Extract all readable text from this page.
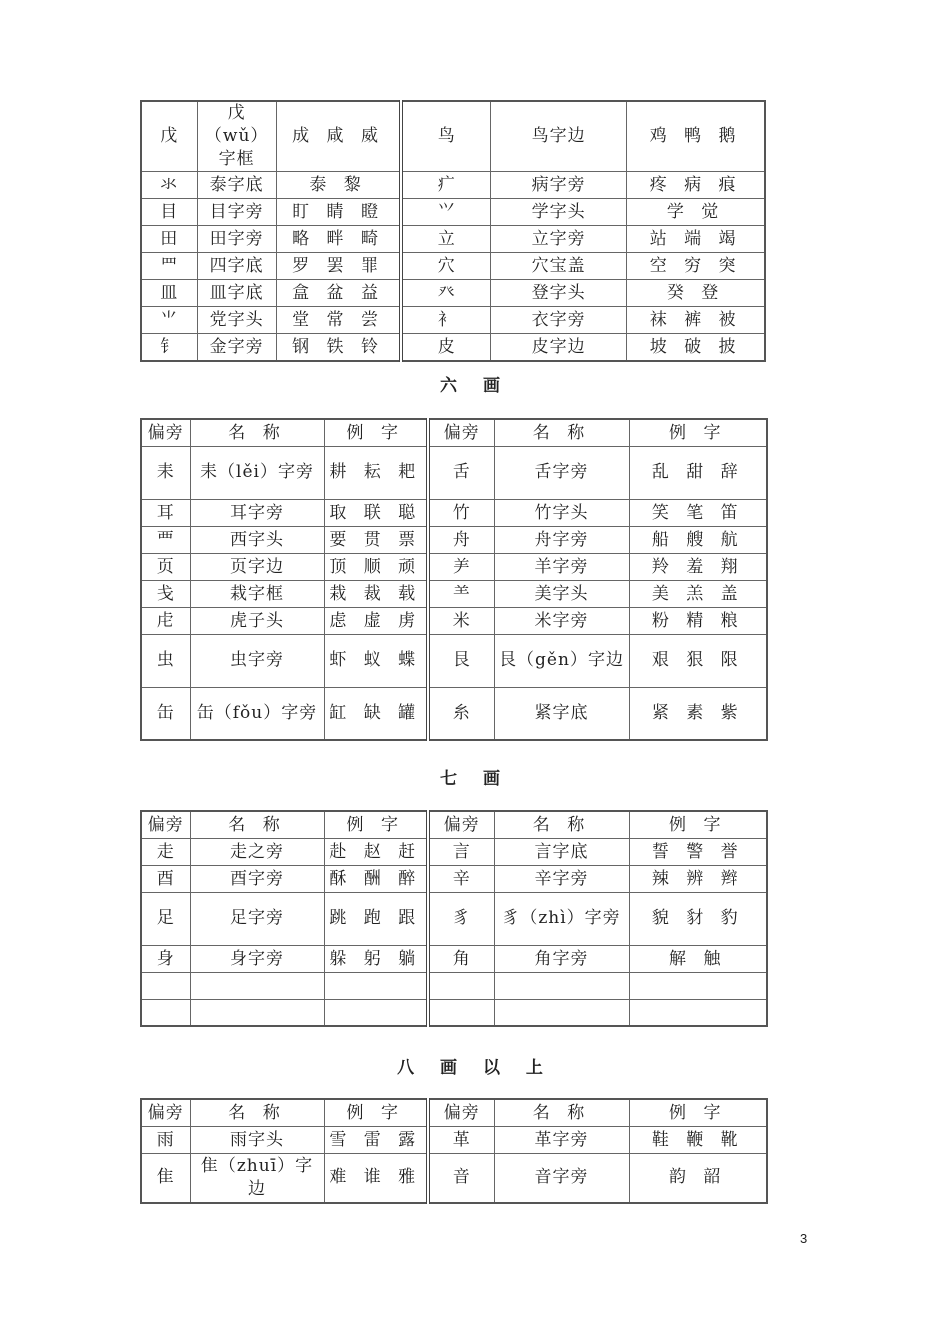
戊	戊（wǔ）字框	成 咸 威	鸟	鸟字边	鸡 鸭 鹅
氺	泰字底	泰 黎	疒	病字旁	疼 病 痕
目	目字旁	盯 睛 瞪	⺍	学字头	学 觉
田	田字旁	略 畔 畸	立	立字旁	站 端 竭
罒	四字底	罗 罢 罪	穴	穴宝盖	空 穷 突
皿	皿字底	盒 盆 益	癶	登字头	癸 登
⺌	党字头	堂 常 尝	衤	衣字旁	袜 裤 被
钅	金字旁	钢 铁 铃	皮	皮字边	坡 破 披
六 画
偏旁	名 称	例 字	偏旁	名 称	例 字
耒	耒（lěi）字旁	耕 耘 耙	舌	舌字旁	乱 甜 辞
耳	耳字旁	取 联 聪	竹	竹字头	笑 笔 笛
覀	西字头	要 贯 票	舟	舟字旁	船 艘 航
页	页字边	顶 顺 顽	⺶	羊字旁	羚 羞 翔
戋	栽字框	栽 裁 载	⺷	美字头	美 羔 盖
虍	虎子头	虑 虚 虏	米	米字旁	粉 精 粮
虫	虫字旁	虾 蚁 蝶	艮	艮（gěn）字边	艰 狠 限
缶	缶（fǒu）字旁	缸 缺 罐	糸	紧字底	紧 素 紫
七 画
偏旁	名 称	例 字	偏旁	名 称	例 字
走	走之旁	赴 赵 赶	言	言字底	誓 警 誉
酉	酉字旁	酥 酬 醉	辛	辛字旁	辣 辨 辫
足	足字旁	跳 跑 跟	豸	豸（zhì）字旁	貌 豺 豹
身	身字旁	躲 躬 躺	角	角字旁	解 触

八 画 以 上
偏旁	名 称	例 字	偏旁	名 称	例 字
雨	雨字头	雪 雷 露	革	革字旁	鞋 鞭 靴
隹	隹（zhuī）字边	难 谁 雅	音	音字旁	韵 韶
3
